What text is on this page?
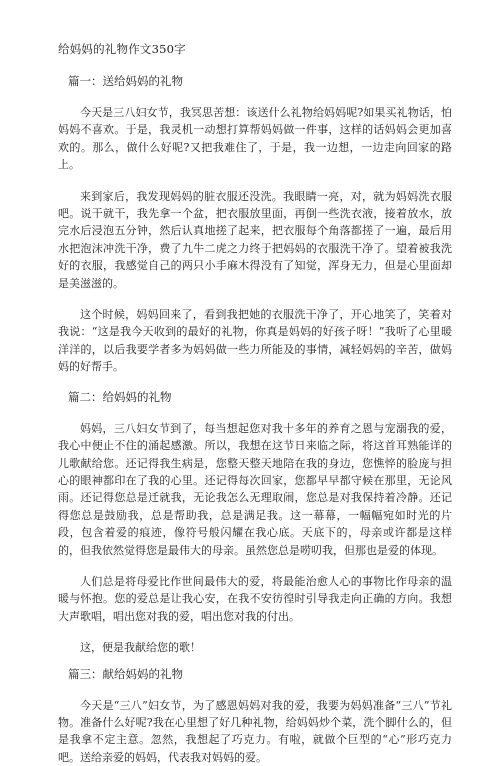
给妈妈的礼物作文350字
篇一：送给妈妈的礼物

今天是三八妇女节，我冥思苦想：该送什么礼物给妈妈呢?如果买礼物话，怕妈妈不喜欢。于是，我灵机一动想打算帮妈妈做一件事，这样的话妈妈会更加喜欢的。那么，做什么好呢?又把我难住了，于是，我一边想，一边走向回家的路上。

来到家后，我发现妈妈的脏衣服还没洗。我眼睛一亮，对，就为妈妈洗衣服吧。说干就干，我先拿一个盆，把衣服放里面，再倒一些洗衣液，接着放水，放完水后浸泡五分钟，然后认真地搓了起来，把衣服每个角落都搓了一遍，最后用水把泡沫冲洗干净，费了九牛二虎之力终于把妈妈的衣服洗干净了。望着被我洗好的衣服，我感觉自己的两只小手麻木得没有了知觉，浑身无力，但是心里面却是美滋滋的。

这个时候，妈妈回来了，看到我把她的衣服洗干净了，开心地笑了，笑着对我说：“这是我今天收到的最好的礼物，你真是妈妈的好孩子呀！”我听了心里暖洋洋的，以后我要学者多为妈妈做一些力所能及的事情，减轻妈妈的辛苦，做妈妈的好帮手。

篇二：给妈妈的礼物

妈妈，三八妇女节到了，每当想起您对我十多年的养育之恩与宠溺我的爱，我心中便止不住的涌起感激。所以，我想在这节日来临之际，将这首耳熟能详的儿歌献给您。还记得我生病是，您整天整天地陪在我的身边，您憔悴的脸庞与担心的眼神都印在了我的心里。还记得每次回家，您都早早都守候在那里，无论风雨。还记得您总是迁就我，无论我怎么无理取闹，您总是对我保持着冷静。还记得您总是鼓励我，总是帮助我，总是满足我。这一幕幕，一幅幅宛如时光的片段，包含着爱的痕迹，像符号般闪耀在我心底。天底下的，母亲或许都是这样的，但我依然觉得您是最伟大的母亲。虽然您总是唠叨我，但那也是爱的体现。

人们总是将母爱比作世间最伟大的爱，将最能治愈人心的事物比作母亲的温暖与怀抱。您的爱总是让我心安，在我不安彷徨时引导我走向正确的方向。我想大声歌唱，唱出您对我的爱，唱出您对我的付出。

这，便是我献给您的歌！

篇三：献给妈妈的礼物

今天是“三八”妇女节，为了感恩妈妈对我的爱，我要为妈妈准备“三八”节礼物。准备什么好呢?我在心里想了好几种礼物，给妈妈炒个菜，洗个脚什么的，但是我拿不定主意。忽然，我想起了巧克力。有啦，就做个巨型的“心”形巧克力吧。送给亲爱的妈妈，代表我对妈妈的爱。
